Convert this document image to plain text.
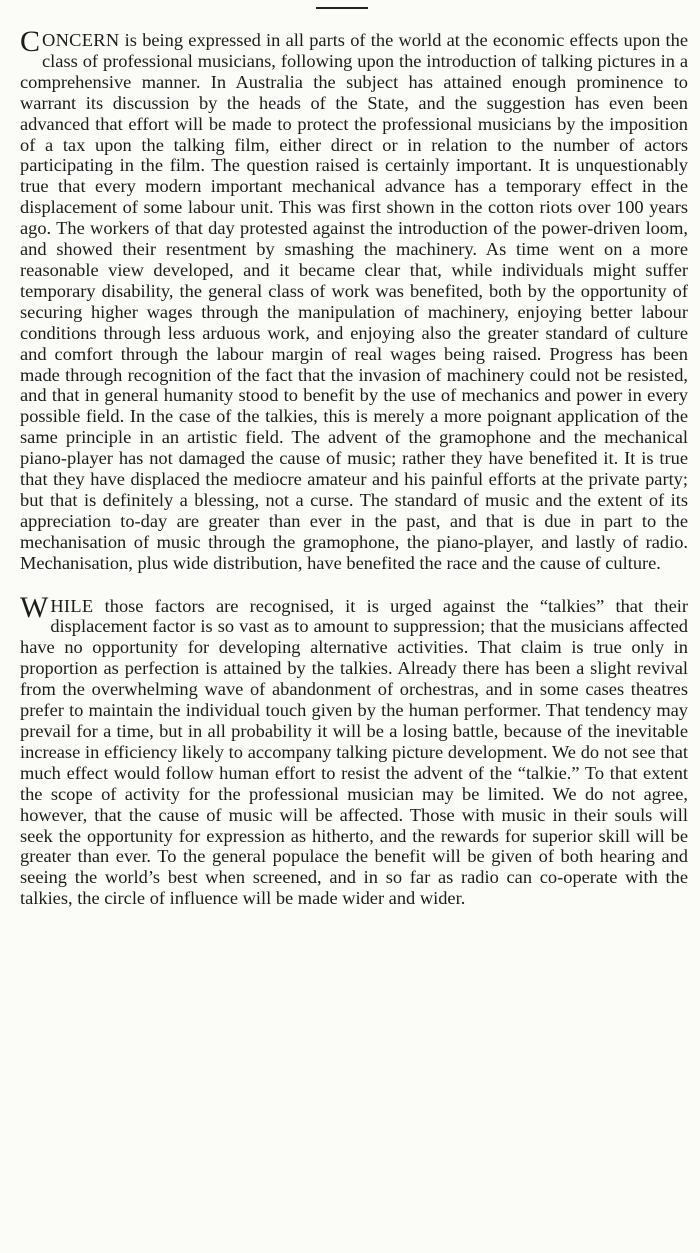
CONCERN is being expressed in all parts of the world at the economic effects upon the class of professional musicians, following upon the introduction of talking pictures in a comprehensive manner. In Australia the subject has attained enough prominence to warrant its discussion by the heads of the State, and the suggestion has even been advanced that effort will be made to protect the professional musicians by the imposition of a tax upon the talking film, either direct or in relation to the number of actors participating in the film. The question raised is certainly important. It is unquestionably true that every modern important mechanical advance has a temporary effect in the displacement of some labour unit. This was first shown in the cotton riots over 100 years ago. The workers of that day protested against the introduction of the power-driven loom, and showed their resentment by smashing the machinery. As time went on a more reasonable view developed, and it became clear that, while individuals might suffer temporary disability, the general class of work was benefited, both by the opportunity of securing higher wages through the manipulation of machinery, enjoying better labour conditions through less arduous work, and enjoying also the greater standard of culture and comfort through the labour margin of real wages being raised. Progress has been made through recognition of the fact that the invasion of machinery could not be resisted, and that in general humanity stood to benefit by the use of mechanics and power in every possible field. In the case of the talkies, this is merely a more poignant application of the same principle in an artistic field. The advent of the gramophone and the mechanical piano-player has not damaged the cause of music; rather they have benefited it. It is true that they have displaced the mediocre amateur and his painful efforts at the private party; but that is definitely a blessing, not a curse. The standard of music and the extent of its appreciation to-day are greater than ever in the past, and that is due in part to the mechanisation of music through the gramophone, the piano-player, and lastly of radio. Mechanisation, plus wide distribution, have benefited the race and the cause of culture.

WHILE those factors are recognised, it is urged against the “talkies” that their displacement factor is so vast as to amount to suppression; that the musicians affected have no opportunity for developing alternative activities. That claim is true only in proportion as perfection is attained by the talkies. Already there has been a slight revival from the overwhelming wave of abandonment of orchestras, and in some cases theatres prefer to maintain the individual touch given by the human performer. That tendency may prevail for a time, but in all probability it will be a losing battle, because of the inevitable increase in efficiency likely to accompany talking picture development. We do not see that much effect would follow human effort to resist the advent of the “talkie.” To that extent the scope of activity for the professional musician may be limited. We do not agree, however, that the cause of music will be affected. Those with music in their souls will seek the opportunity for expression as hitherto, and the rewards for superior skill will be greater than ever. To the general populace the benefit will be given of both hearing and seeing the world’s best when screened, and in so far as radio can co-operate with the talkies, the circle of influence will be made wider and wider.
